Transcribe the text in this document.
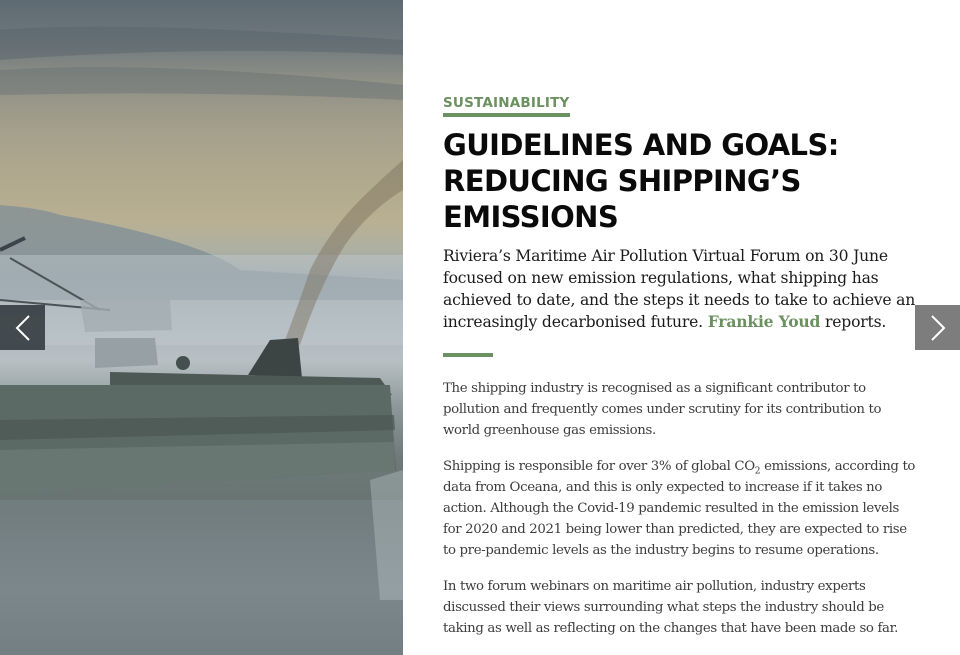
SUSTAINABILITY
GUIDELINES AND GOALS: REDUCING SHIPPING’S EMISSIONS

Riviera’s Maritime Air Pollution Virtual Forum on 30 June focused on new emission regulations, what shipping has achieved to date, and the steps it needs to take to achieve an increasingly decarbonised future. Frankie Youd reports.

The shipping industry is recognised as a significant contributor to pollution and frequently comes under scrutiny for its contribution to world greenhouse gas emissions.

Shipping is responsible for over 3% of global $CO_2$ emissions, according to data from Oceana, and this is only expected to increase if it takes no action. Although the Covid-19 pandemic resulted in the emission levels for 2020 and 2021 being lower than predicted, they are expected to rise to pre-pandemic levels as the industry begins to resume operations.

In two forum webinars on maritime air pollution, industry experts discussed their views surrounding what steps the industry should be taking as well as reflecting on the changes that have been made so far.
